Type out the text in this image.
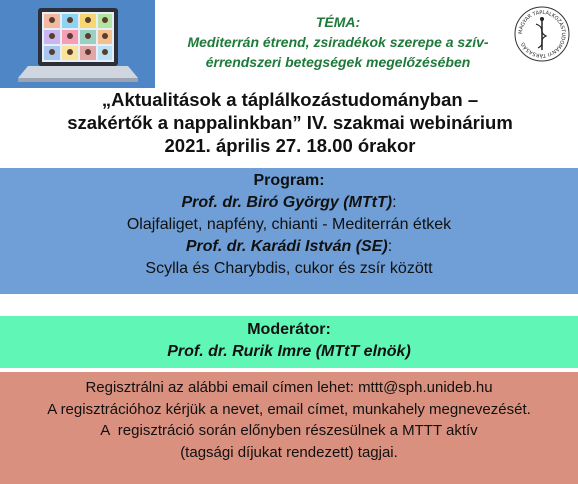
TÉMA:
Mediterrán étrend, zsiradékok szerepe a szív-
érrendszeri betegségek megelőzésében
MAGYAR TÁPLÁLKOZÁSTUDOMÁNYI TÁRSASÁG
„Aktualitások a táplálkozástudományban –
szakértők a nappalinkban” IV. szakmai webinárium
2021. április 27. 18.00 órakor
Program:
Prof. dr. Biró György (MTtT):
Olajfaliget, napfény, chianti - Mediterrán étkek
Prof. dr. Karádi István (SE):
Scylla és Charybdis, cukor és zsír között
Moderátor:
Prof. dr. Rurik Imre (MTtT elnök)
Regisztrálni az alábbi email címen lehet: mttt@sph.unideb.hu
A regisztrációhoz kérjük a nevet, email címet, munkahely megnevezését.
A  regisztráció során előnyben részesülnek a MTTT aktív
(tagsági díjukat rendezett) tagjai.
